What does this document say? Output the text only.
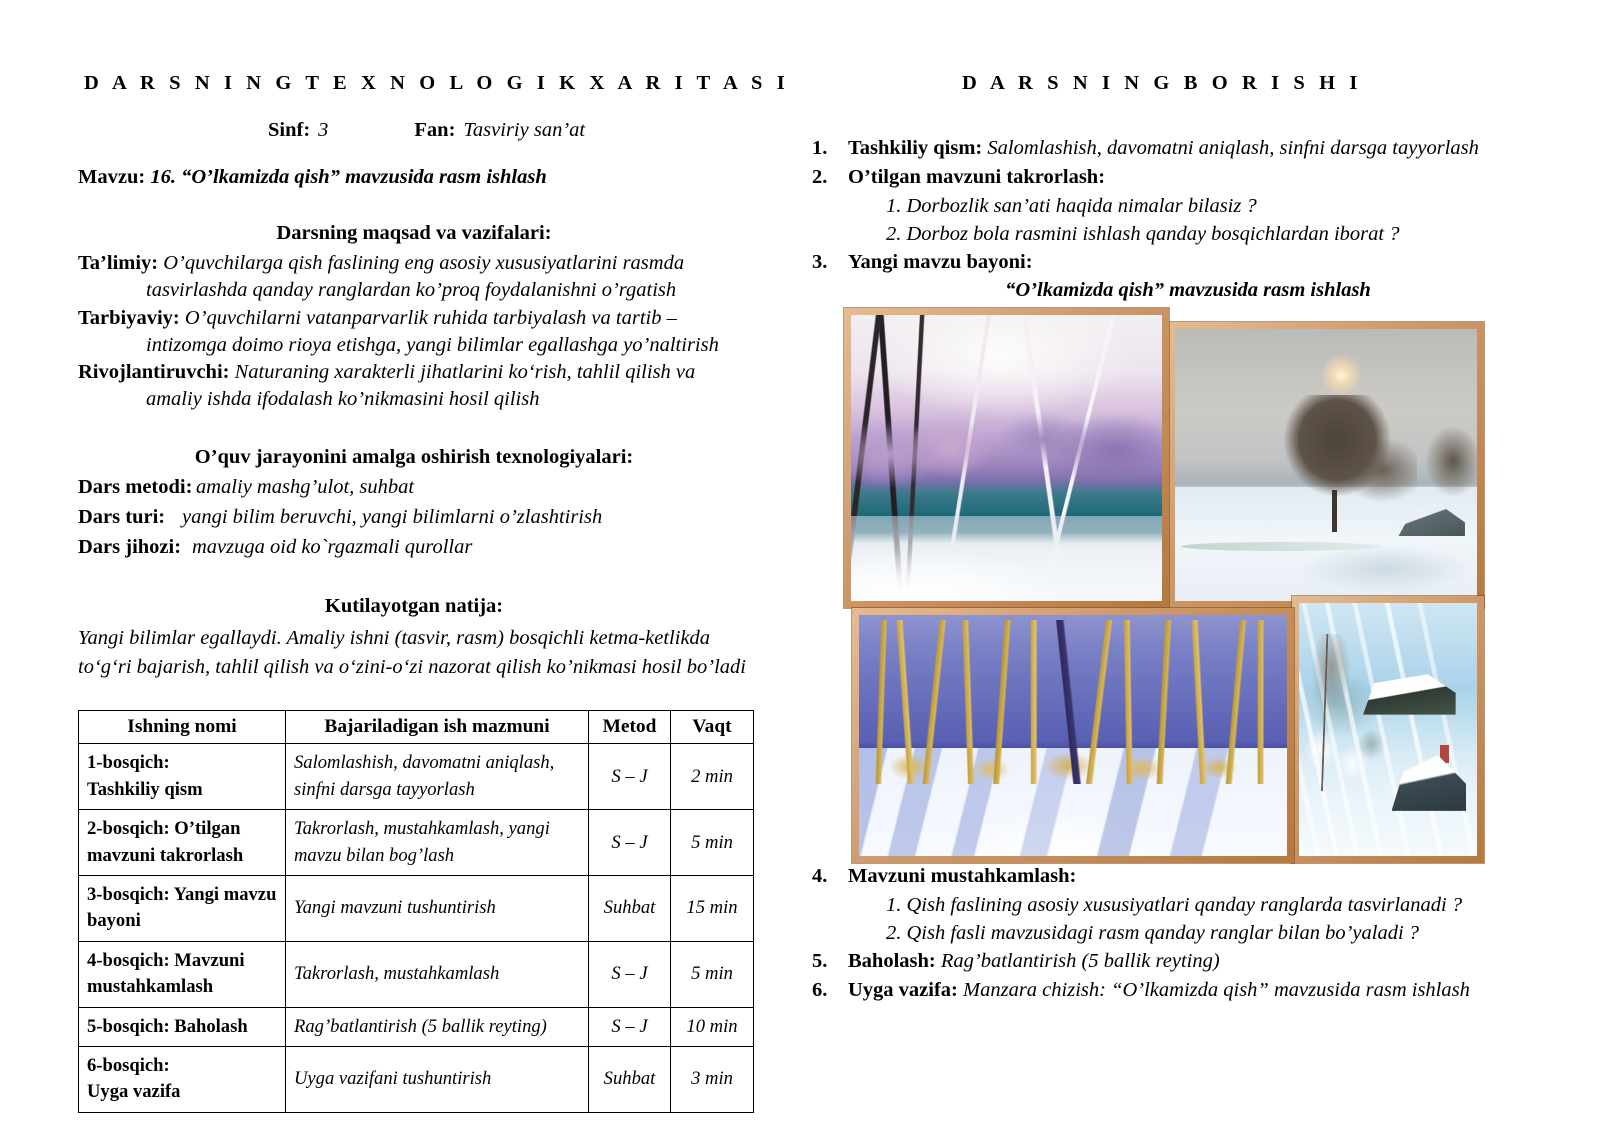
D A R S N I N G T E X N O L O G I K X A R I T A S I
Sinf: 3	Fan: Tasviriy san’at
Mavzu: 16. “O’lkamizda qish” mavzusida rasm ishlash
Darsning maqsad va vazifalari:
Ta’limiy: O’quvchilarga qish faslining eng asosiy xususiyatlarini rasmda
tasvirlashda qanday ranglardan ko’proq foydalanishni o’rgatish
Tarbiyaviy: O’quvchilarni vatanparvarlik ruhida tarbiyalash va tartib –
intizomga doimo rioya etishga, yangi bilimlar egallashga yo’naltirish
Rivojlantiruvchi: Naturaning xarakterli jihatlarini ko‘rish, tahlil qilish va
amaliy ishda ifodalash ko’nikmasini hosil qilish
O’quv jarayonini amalga oshirish texnologiyalari:
Dars metodi: amaliy mashg’ulot, suhbat
Dars turi: yangi bilim beruvchi, yangi bilimlarni o’zlashtirish
Dars jihozi: mavzuga oid ko`rgazmali qurollar
Kutilayotgan natija:
Yangi bilimlar egallaydi. Amaliy ishni (tasvir, rasm) bosqichli ketma-ketlikda
to‘g‘ri bajarish, tahlil qilish va o‘zini-o‘zi nazorat qilish ko’nikmasi hosil bo’ladi
Ishning nomi	Bajariladigan ish mazmuni	Metod	Vaqt
1-bosqich:
Tashkiliy qism	Salomlashish, davomatni aniqlash, sinfni darsga tayyorlash	S – J	2 min
2-bosqich: O’tilgan mavzuni takrorlash	Takrorlash, mustahkamlash, yangi mavzu bilan bog’lash	S – J	5 min
3-bosqich: Yangi mavzu bayoni	Yangi mavzuni tushuntirish	Suhbat	15 min
4-bosqich: Mavzuni mustahkamlash	Takrorlash, mustahkamlash	S – J	5 min
5-bosqich: Baholash	Rag’batlantirish (5 ballik reyting)	S – J	10 min
6-bosqich:
Uyga vazifa	Uyga vazifani tushuntirish	Suhbat	3 min
D A R S N I N G B O R I S H I
1. Tashkiliy qism: Salomlashish, davomatni aniqlash, sinfni darsga tayyorlash
2. O’tilgan mavzuni takrorlash:
1. Dorbozlik san’ati haqida nimalar bilasiz ?
2. Dorboz bola rasmini ishlash qanday bosqichlardan iborat ?
3. Yangi mavzu bayoni:
“O’lkamizda qish” mavzusida rasm ishlash
4. Mavzuni mustahkamlash:
1. Qish faslining asosiy xususiyatlari qanday ranglarda tasvirlanadi ?
2. Qish fasli mavzusidagi rasm qanday ranglar bilan bo’yaladi ?
5. Baholash: Rag’batlantirish (5 ballik reyting)
6. Uyga vazifa: Manzara chizish: “O’lkamizda qish” mavzusida rasm ishlash
